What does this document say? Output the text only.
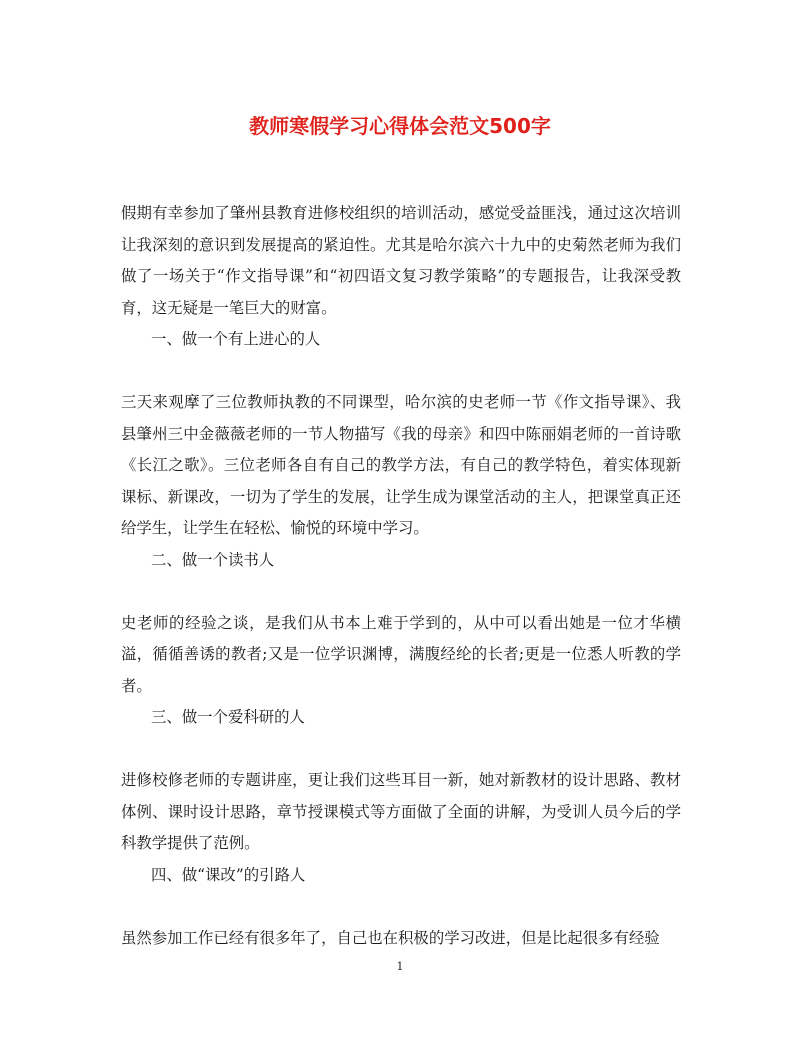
教师寒假学习心得体会范文500字

假期有幸参加了肇州县教育进修校组织的培训活动，感觉受益匪浅，通过这次培训让我深刻的意识到发展提高的紧迫性。尤其是哈尔滨六十九中的史菊然老师为我们做了一场关于“作文指导课”和“初四语文复习教学策略”的专题报告，让我深受教育，这无疑是一笔巨大的财富。

一、做一个有上进心的人

三天来观摩了三位教师执教的不同课型，哈尔滨的史老师一节《作文指导课》、我县肇州三中金薇薇老师的一节人物描写《我的母亲》和四中陈丽娟老师的一首诗歌《长江之歌》。三位老师各自有自己的教学方法，有自己的教学特色，着实体现新课标、新课改，一切为了学生的发展，让学生成为课堂活动的主人，把课堂真正还给学生，让学生在轻松、愉悦的环境中学习。

二、做一个读书人

史老师的经验之谈，是我们从书本上难于学到的，从中可以看出她是一位才华横溢，循循善诱的教者;又是一位学识渊博，满腹经纶的长者;更是一位悉人听教的学者。

三、做一个爱科研的人

进修校修老师的专题讲座，更让我们这些耳目一新，她对新教材的设计思路、教材体例、课时设计思路，章节授课模式等方面做了全面的讲解，为受训人员今后的学科教学提供了范例。

四、做“课改”的引路人

虽然参加工作已经有很多年了，自己也在积极的学习改进，但是比起很多有经验

1
